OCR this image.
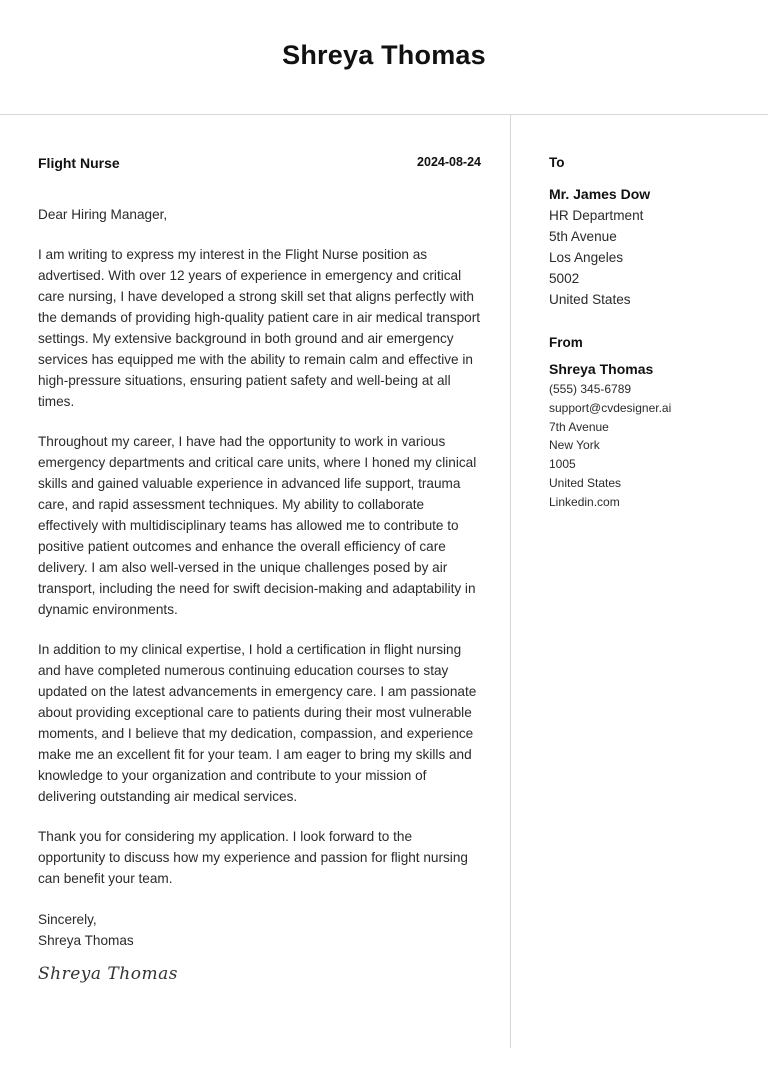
Shreya Thomas
Flight Nurse	2024-08-24

Dear Hiring Manager,

I am writing to express my interest in the Flight Nurse position as advertised. With over 12 years of experience in emergency and critical care nursing, I have developed a strong skill set that aligns perfectly with the demands of providing high-quality patient care in air medical transport settings. My extensive background in both ground and air emergency services has equipped me with the ability to remain calm and effective in high-pressure situations, ensuring patient safety and well-being at all times.

Throughout my career, I have had the opportunity to work in various emergency departments and critical care units, where I honed my clinical skills and gained valuable experience in advanced life support, trauma care, and rapid assessment techniques. My ability to collaborate effectively with multidisciplinary teams has allowed me to contribute to positive patient outcomes and enhance the overall efficiency of care delivery. I am also well-versed in the unique challenges posed by air transport, including the need for swift decision-making and adaptability in dynamic environments.

In addition to my clinical expertise, I hold a certification in flight nursing and have completed numerous continuing education courses to stay updated on the latest advancements in emergency care. I am passionate about providing exceptional care to patients during their most vulnerable moments, and I believe that my dedication, compassion, and experience make me an excellent fit for your team. I am eager to bring my skills and knowledge to your organization and contribute to your mission of delivering outstanding air medical services.

Thank you for considering my application. I look forward to the opportunity to discuss how my experience and passion for flight nursing can benefit your team.

Sincerely,

Shreya Thomas

Shreya Thomas
To
Mr. James Dow
HR Department
5th Avenue
Los Angeles
5002
United States
From
Shreya Thomas
(555) 345-6789
support@cvdesigner.ai
7th Avenue
New York
1005
United States
Linkedin.com
